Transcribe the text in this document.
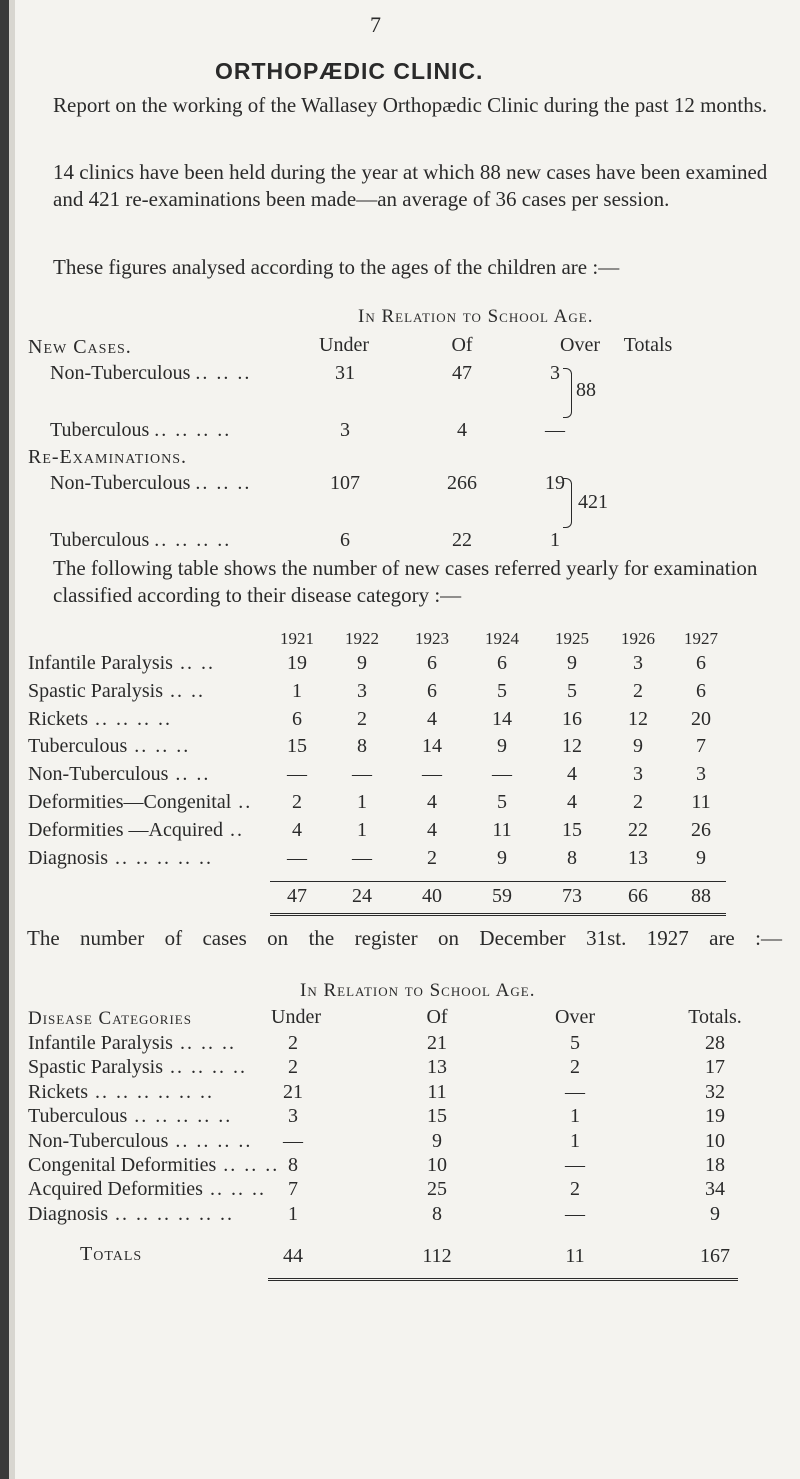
7
ORTHOPÆDIC CLINIC.
Report on the working of the Wallasey Orthopædic Clinic during the past 12 months.
14 clinics have been held during the year at which 88 new cases have been examined and 421 re-examinations been made—an average of 36 cases per session.
These figures analysed according to the ages of the children are :—
In Relation to School Age.
Under	Of	Over	Totals
New Cases.
Non-Tuberculous .. .. ..	31	47	3
88
Tuberculous .. .. .. ..	3	4	—
Re-Examinations.
Non-Tuberculous .. .. ..	107	266	19
421
Tuberculous .. .. .. ..	6	22	1
The following table shows the number of new cases referred yearly for examination classified according to their disease category :—
1921	1922	1923	1924	1925	1926	1927
Infantile Paralysis .. ..	19	9	6	6	9	3	6
Spastic Paralysis .. ..	1	3	6	5	5	2	6
Rickets .. .. .. ..	6	2	4	14	16	12	20
Tuberculous .. .. ..	15	8	14	9	12	9	7
Non-Tuberculous .. ..	—	—	—	—	4	3	3
Deformities—Congenital ..	2	1	4	5	4	2	11
Deformities —Acquired ..	4	1	4	11	15	22	26
Diagnosis .. .. .. .. ..	—	—	2	9	8	13	9
47	24	40	59	73	66	88
The number of cases on the register on December 31st. 1927 are :—
In Relation to School Age.
Disease Categories	Under	Of	Over	Totals.
Infantile Paralysis .. .. ..	2	21	5	28
Spastic Paralysis .. .. .. ..	2	13	2	17
Rickets .. .. .. .. .. ..	21	11	—	32
Tuberculous .. .. .. .. ..	3	15	1	19
Non-Tuberculous .. .. .. ..	—	9	1	10
Congenital Deformities .. .. .. 8	10	—	18
Acquired Deformities .. .. ..	7	25	2	34
Diagnosis .. .. .. .. .. ..	1	8	—	9
Totals	44	112	11	167
